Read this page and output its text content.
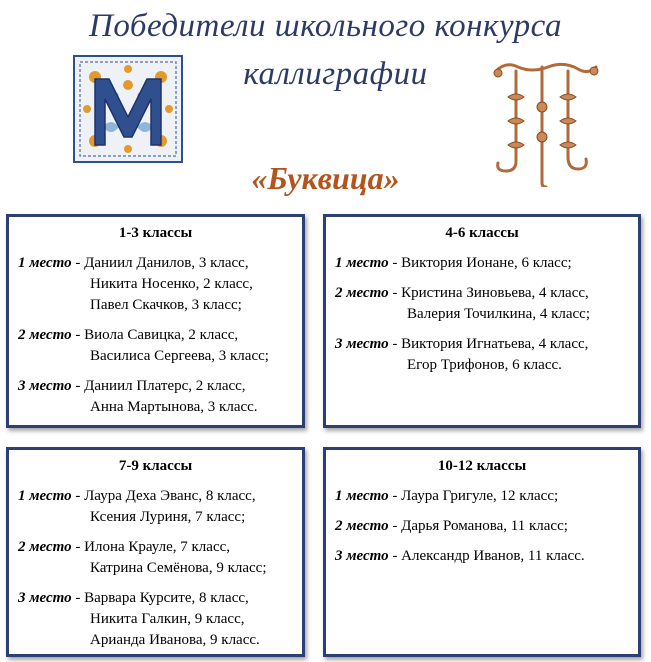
Победители школьного конкурса
каллиграфии
«Буквица»
1-3 классы
1 место - Даниил Данилов, 3 класс,
Никита Носенко, 2 класс,
Павел Скачков, 3 класс;
2 место - Виола Савицка, 2 класс,
Василиса Сергеева, 3 класс;
3 место - Даниил Платерс, 2 класс,
Анна Мартынова, 3 класс.
4-6 классы
1 место - Виктория Ионане, 6 класс;
2 место - Кристина Зиновьева, 4 класс,
Валерия Точилкина, 4 класс;
3 место - Виктория Игнатьева, 4 класс,
Егор Трифонов, 6 класс.
7-9 классы
1 место - Лаура Деха Эванс, 8 класс,
Ксения Луриня, 7 класс;
2 место - Илона Крауле, 7 класс,
Катрина Семёнова, 9 класс;
3 место - Варвара Курсите, 8 класс,
Никита Галкин, 9 класс,
Арианда Иванова, 9 класс.
10-12 классы
1 место - Лаура Григуле, 12 класс;
2 место - Дарья Романова, 11 класс;
3 место - Александр Иванов, 11 класс.
